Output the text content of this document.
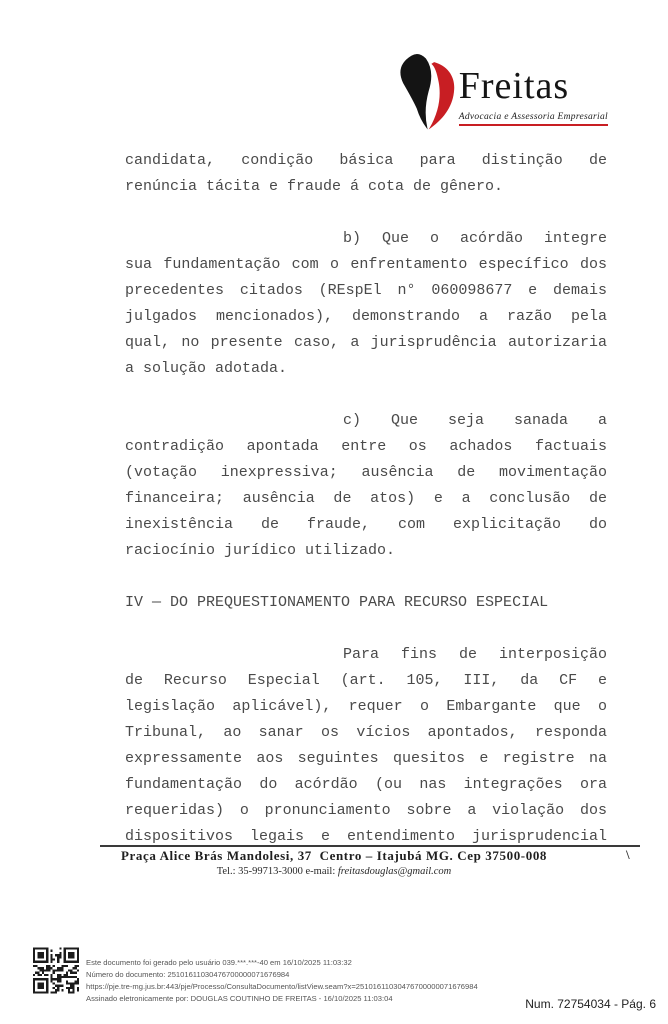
Freitas
Advocacia e Assessoria Empresarial
candidata, condição básica para distinção de
renúncia tácita e fraude á cota de gênero.
b) Que o acórdão integre
sua fundamentação com o enfrentamento específico dos
precedentes citados (REspEl n° 060098677 e demais
julgados mencionados), demonstrando a razão pela
qual, no presente caso, a jurisprudência autorizaria
a solução adotada.
c) Que seja sanada a
contradição apontada entre os achados factuais
(votação inexpressiva; ausência de movimentação
financeira; ausência de atos) e a conclusão de
inexistência de fraude, com explicitação do
raciocínio jurídico utilizado.
IV — DO PREQUESTIONAMENTO PARA RECURSO ESPECIAL
Para fins de interposição
de Recurso Especial (art. 105, III, da CF e
legislação aplicável), requer o Embargante que o
Tribunal, ao sanar os vícios apontados, responda
expressamente aos seguintes quesitos e registre na
fundamentação do acórdão (ou nas integrações ora
requeridas) o pronunciamento sobre a violação dos
dispositivos legais e entendimento jurisprudencial
Praça Alice Brás Mandolesi, 37  Centro – Itajubá MG. Cep 37500-008
Tel.: 35-99713-3000 e-mail: freitasdouglas@gmail.com
\
Este documento foi gerado pelo usuário 039.***.***-40 em 16/10/2025 11:03:32
Número do documento: 25101611030476700000071676984
https://pje.tre-mg.jus.br:443/pje/Processo/ConsultaDocumento/listView.seam?x=25101611030476700000071676984
Assinado eletronicamente por: DOUGLAS COUTINHO DE FREITAS - 16/10/2025 11:03:04	Num. 72754034 - Pág. 6
